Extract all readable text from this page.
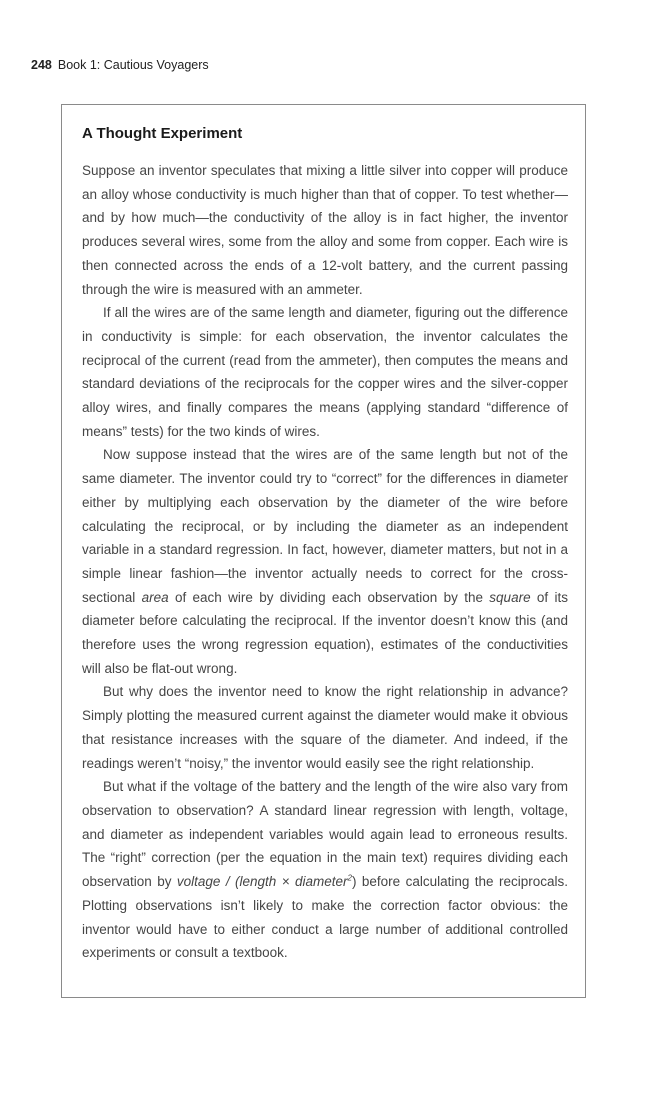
248 Book 1: Cautious Voyagers
A Thought Experiment

Suppose an inventor speculates that mixing a little silver into copper will produce an alloy whose conductivity is much higher than that of copper. To test whether—and by how much—the conductivity of the alloy is in fact higher, the inventor produces several wires, some from the alloy and some from copper. Each wire is then connected across the ends of a 12-volt battery, and the current passing through the wire is measured with an ammeter.

If all the wires are of the same length and diameter, figuring out the difference in conductivity is simple: for each observation, the inventor calculates the reciprocal of the current (read from the ammeter), then computes the means and standard deviations of the reciprocals for the copper wires and the silver-copper alloy wires, and finally compares the means (applying standard “difference of means” tests) for the two kinds of wires.

Now suppose instead that the wires are of the same length but not of the same diameter. The inventor could try to “correct” for the differences in diameter either by multiplying each observation by the diameter of the wire before calculating the reciprocal, or by including the diameter as an independent variable in a standard regression. In fact, however, diameter matters, but not in a simple linear fashion—the inventor actually needs to correct for the cross-sectional area of each wire by dividing each observation by the square of its diameter before calculating the reciprocal. If the inventor doesn’t know this (and therefore uses the wrong regression equation), estimates of the conductivities will also be flat-out wrong.

But why does the inventor need to know the right relationship in advance? Simply plotting the measured current against the diameter would make it obvious that resistance increases with the square of the diameter. And indeed, if the readings weren’t “noisy,” the inventor would easily see the right relationship.

But what if the voltage of the battery and the length of the wire also vary from observation to observation? A standard linear regression with length, voltage, and diameter as independent variables would again lead to erroneous results. The “right” correction (per the equation in the main text) requires dividing each observation by voltage / (length × diameter$^2$) before calculating the reciprocals. Plotting observations isn’t likely to make the correction factor obvious: the inventor would have to either conduct a large number of additional controlled experiments or consult a textbook.
